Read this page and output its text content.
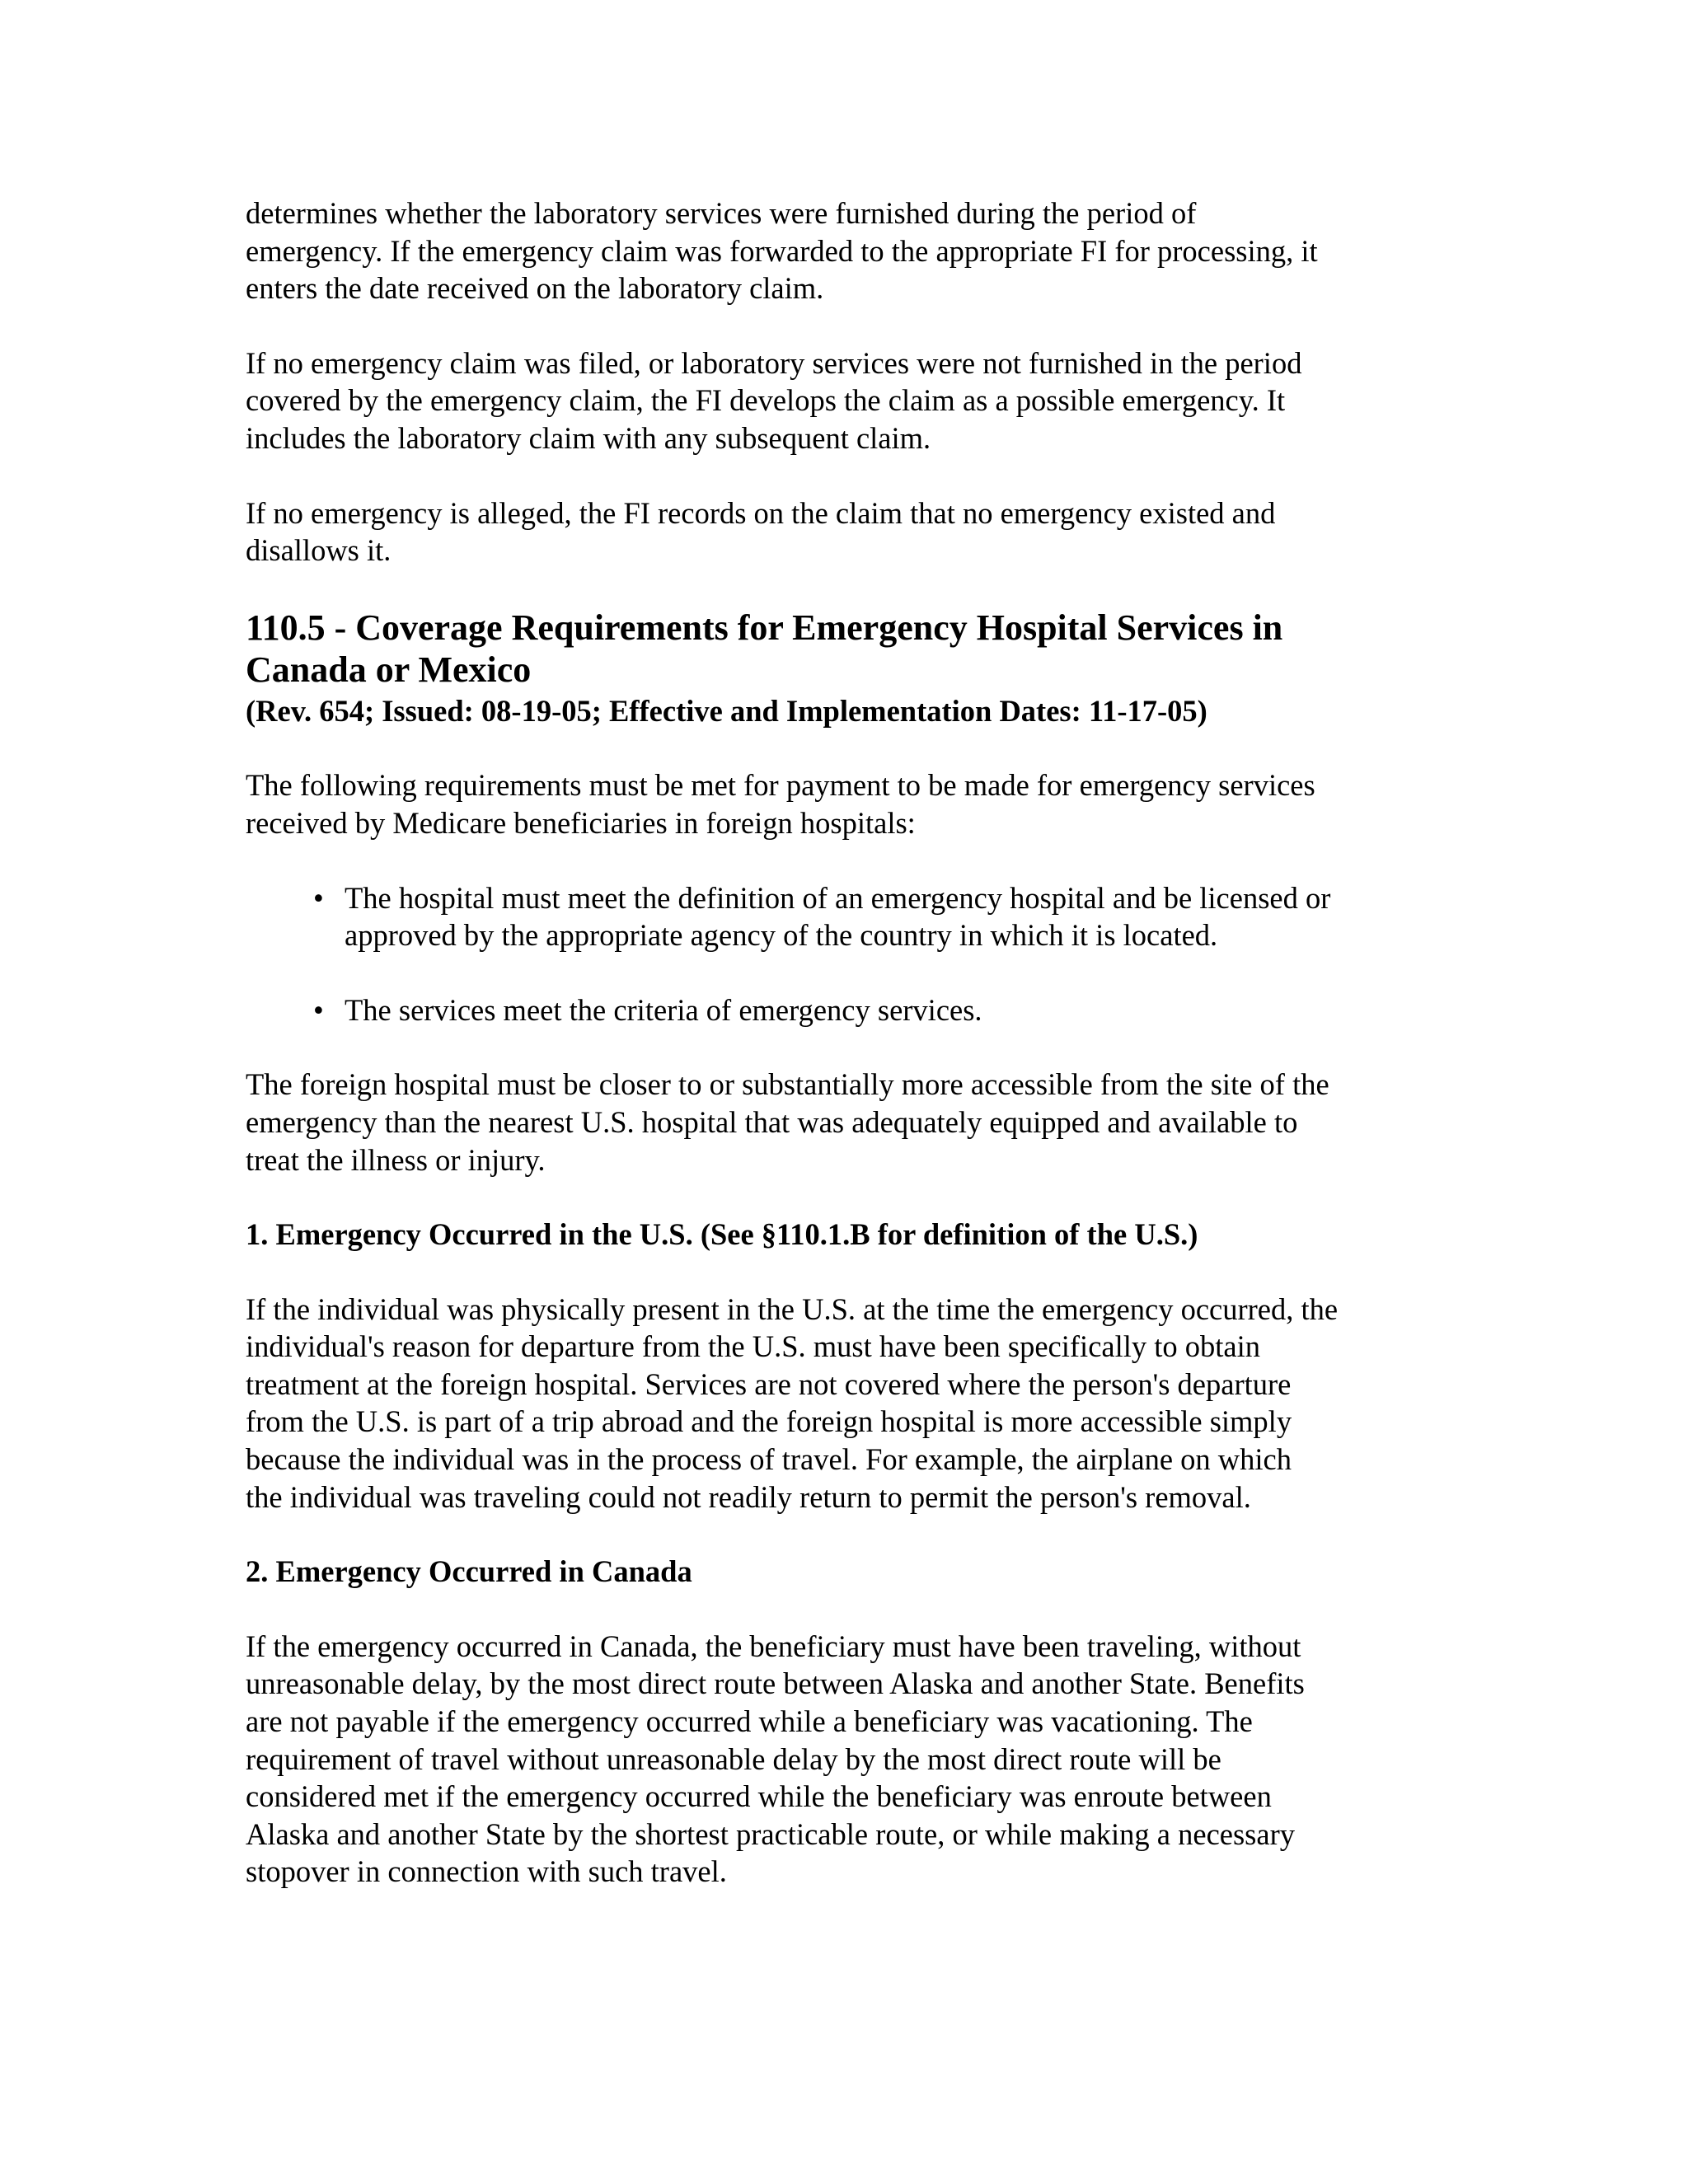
determines whether the laboratory services were furnished during the period of
emergency. If the emergency claim was forwarded to the appropriate FI for processing, it
enters the date received on the laboratory claim.

If no emergency claim was filed, or laboratory services were not furnished in the period
covered by the emergency claim, the FI develops the claim as a possible emergency. It
includes the laboratory claim with any subsequent claim.

If no emergency is alleged, the FI records on the claim that no emergency existed and
disallows it.

110.5 - Coverage Requirements for Emergency Hospital Services in
Canada or Mexico

(Rev. 654; Issued: 08-19-05; Effective and Implementation Dates: 11-17-05)

The following requirements must be met for payment to be made for emergency services
received by Medicare beneficiaries in foreign hospitals:

• The hospital must meet the definition of an emergency hospital and be licensed or
approved by the appropriate agency of the country in which it is located.
• The services meet the criteria of emergency services.

The foreign hospital must be closer to or substantially more accessible from the site of the
emergency than the nearest U.S. hospital that was adequately equipped and available to
treat the illness or injury.

1. Emergency Occurred in the U.S. (See §110.1.B for definition of the U.S.)

If the individual was physically present in the U.S. at the time the emergency occurred, the
individual's reason for departure from the U.S. must have been specifically to obtain
treatment at the foreign hospital. Services are not covered where the person's departure
from the U.S. is part of a trip abroad and the foreign hospital is more accessible simply
because the individual was in the process of travel. For example, the airplane on which
the individual was traveling could not readily return to permit the person's removal.

2. Emergency Occurred in Canada

If the emergency occurred in Canada, the beneficiary must have been traveling, without
unreasonable delay, by the most direct route between Alaska and another State. Benefits
are not payable if the emergency occurred while a beneficiary was vacationing. The
requirement of travel without unreasonable delay by the most direct route will be
considered met if the emergency occurred while the beneficiary was enroute between
Alaska and another State by the shortest practicable route, or while making a necessary
stopover in connection with such travel.
